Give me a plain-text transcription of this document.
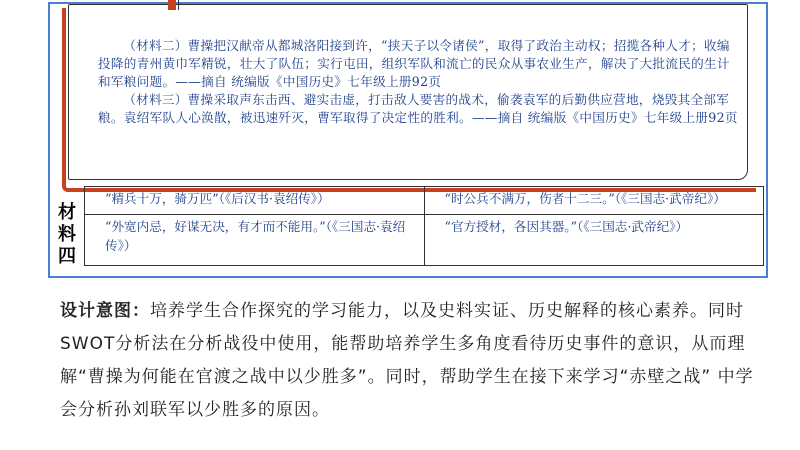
（材料二）曹操把汉献帝从都城洛阳接到许，“挟天子以令诸侯”，取得了政治主动权；招揽各种人才；收编投降的青州黄巾军精锐，壮大了队伍；实行屯田，组织军队和流亡的民众从事农业生产，解决了大批流民的生计和军粮问题。——摘自 统编版《中国历史》七年级上册92页

（材料三）曹操采取声东击西、避实击虚，打击敌人要害的战术，偷袭袁军的后勤供应营地，烧毁其全部军粮。袁绍军队人心涣散，被迅速歼灭，曹军取得了决定性的胜利。——摘自 统编版《中国历史》七年级上册92页

材料四
“精兵十万，骑万匹”（《后汉书·袁绍传》）	“时公兵不满万，伤者十二三。”（《三国志·武帝纪》）
“外宽内忌，好谋无决，有才而不能用。”（《三国志·袁绍传》）	“官方授材，各因其器。”（《三国志·武帝纪》）
设计意图：培养学生合作探究的学习能力，以及史料实证、历史解释的核心素养。同时SWOT分析法在分析战役中使用，能帮助培养学生多角度看待历史事件的意识，从而理解“曹操为何能在官渡之战中以少胜多”。同时，帮助学生在接下来学习“赤壁之战” 中学会分析孙刘联军以少胜多的原因。
